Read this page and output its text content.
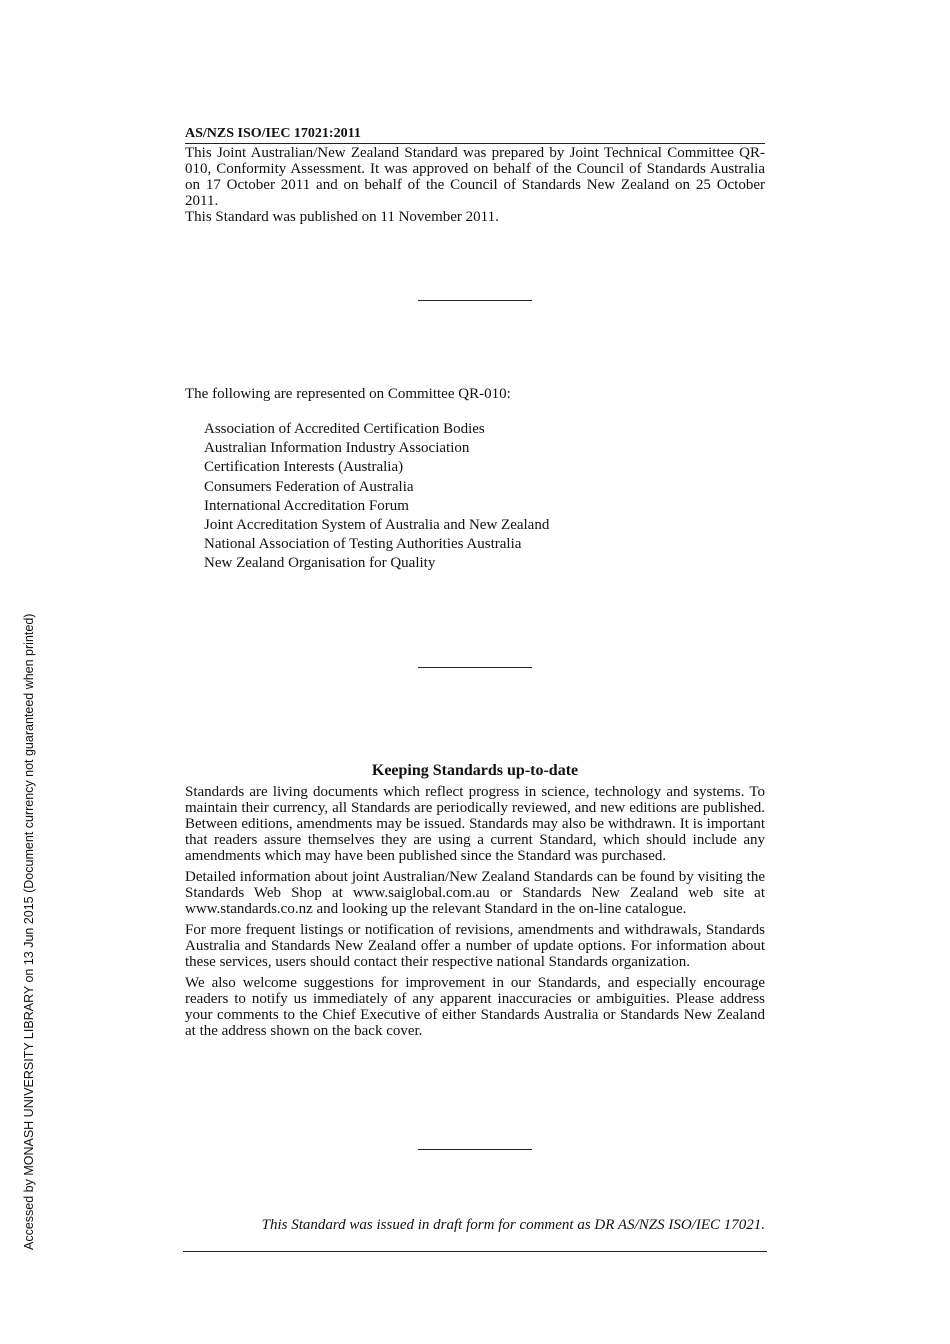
AS/NZS ISO/IEC 17021:2011

This Joint Australian/New Zealand Standard was prepared by Joint Technical Committee QR-010, Conformity Assessment. It was approved on behalf of the Council of Standards Australia on 17 October 2011 and on behalf of the Council of Standards New Zealand on 25 October 2011.

This Standard was published on 11 November 2011.

The following are represented on Committee QR-010:
Association of Accredited Certification Bodies
Australian Information Industry Association
Certification Interests (Australia)
Consumers Federation of Australia
International Accreditation Forum
Joint Accreditation System of Australia and New Zealand
National Association of Testing Authorities Australia
New Zealand Organisation for Quality
Keeping Standards up-to-date

Standards are living documents which reflect progress in science, technology and systems. To maintain their currency, all Standards are periodically reviewed, and new editions are published. Between editions, amendments may be issued. Standards may also be withdrawn. It is important that readers assure themselves they are using a current Standard, which should include any amendments which may have been published since the Standard was purchased.

Detailed information about joint Australian/New Zealand Standards can be found by visiting the Standards Web Shop at www.saiglobal.com.au or Standards New Zealand web site at www.standards.co.nz and looking up the relevant Standard in the on-line catalogue.

For more frequent listings or notification of revisions, amendments and withdrawals, Standards Australia and Standards New Zealand offer a number of update options. For information about these services, users should contact their respective national Standards organization.

We also welcome suggestions for improvement in our Standards, and especially encourage readers to notify us immediately of any apparent inaccuracies or ambiguities. Please address your comments to the Chief Executive of either Standards Australia or Standards New Zealand at the address shown on the back cover.

This Standard was issued in draft form for comment as DR AS/NZS ISO/IEC 17021.
Accessed by MONASH UNIVERSITY LIBRARY on 13 Jun 2015 (Document currency not guaranteed when printed)
